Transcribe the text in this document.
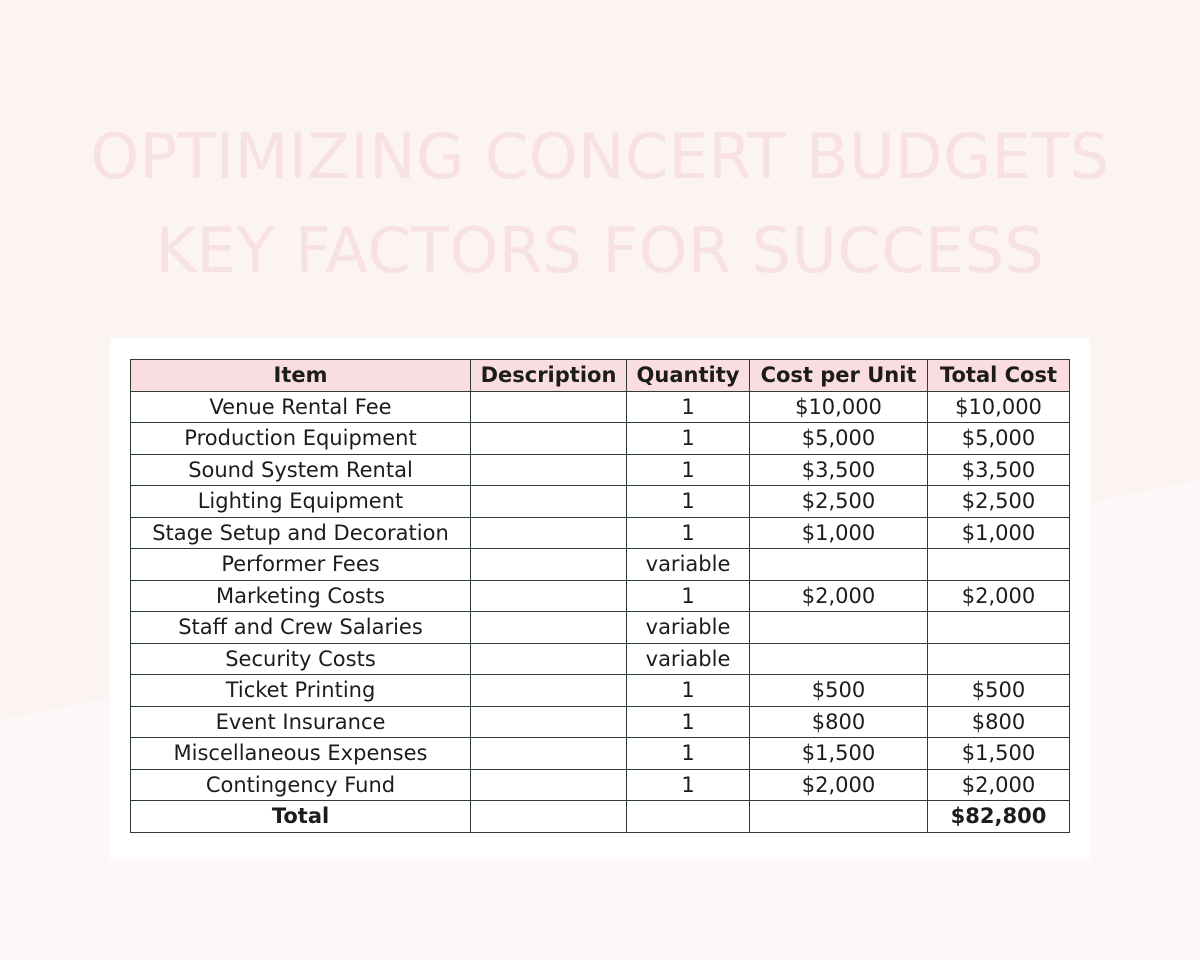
OPTIMIZING CONCERT BUDGETS
KEY FACTORS FOR SUCCESS
Item	Description	Quantity	Cost per Unit	Total Cost
Venue Rental Fee		1	$10,000	$10,000
Production Equipment		1	$5,000	$5,000
Sound System Rental		1	$3,500	$3,500
Lighting Equipment		1	$2,500	$2,500
Stage Setup and Decoration		1	$1,000	$1,000
Performer Fees		variable		
Marketing Costs		1	$2,000	$2,000
Staff and Crew Salaries		variable		
Security Costs		variable		
Ticket Printing		1	$500	$500
Event Insurance		1	$800	$800
Miscellaneous Expenses		1	$1,500	$1,500
Contingency Fund		1	$2,000	$2,000
Total				$82,800
